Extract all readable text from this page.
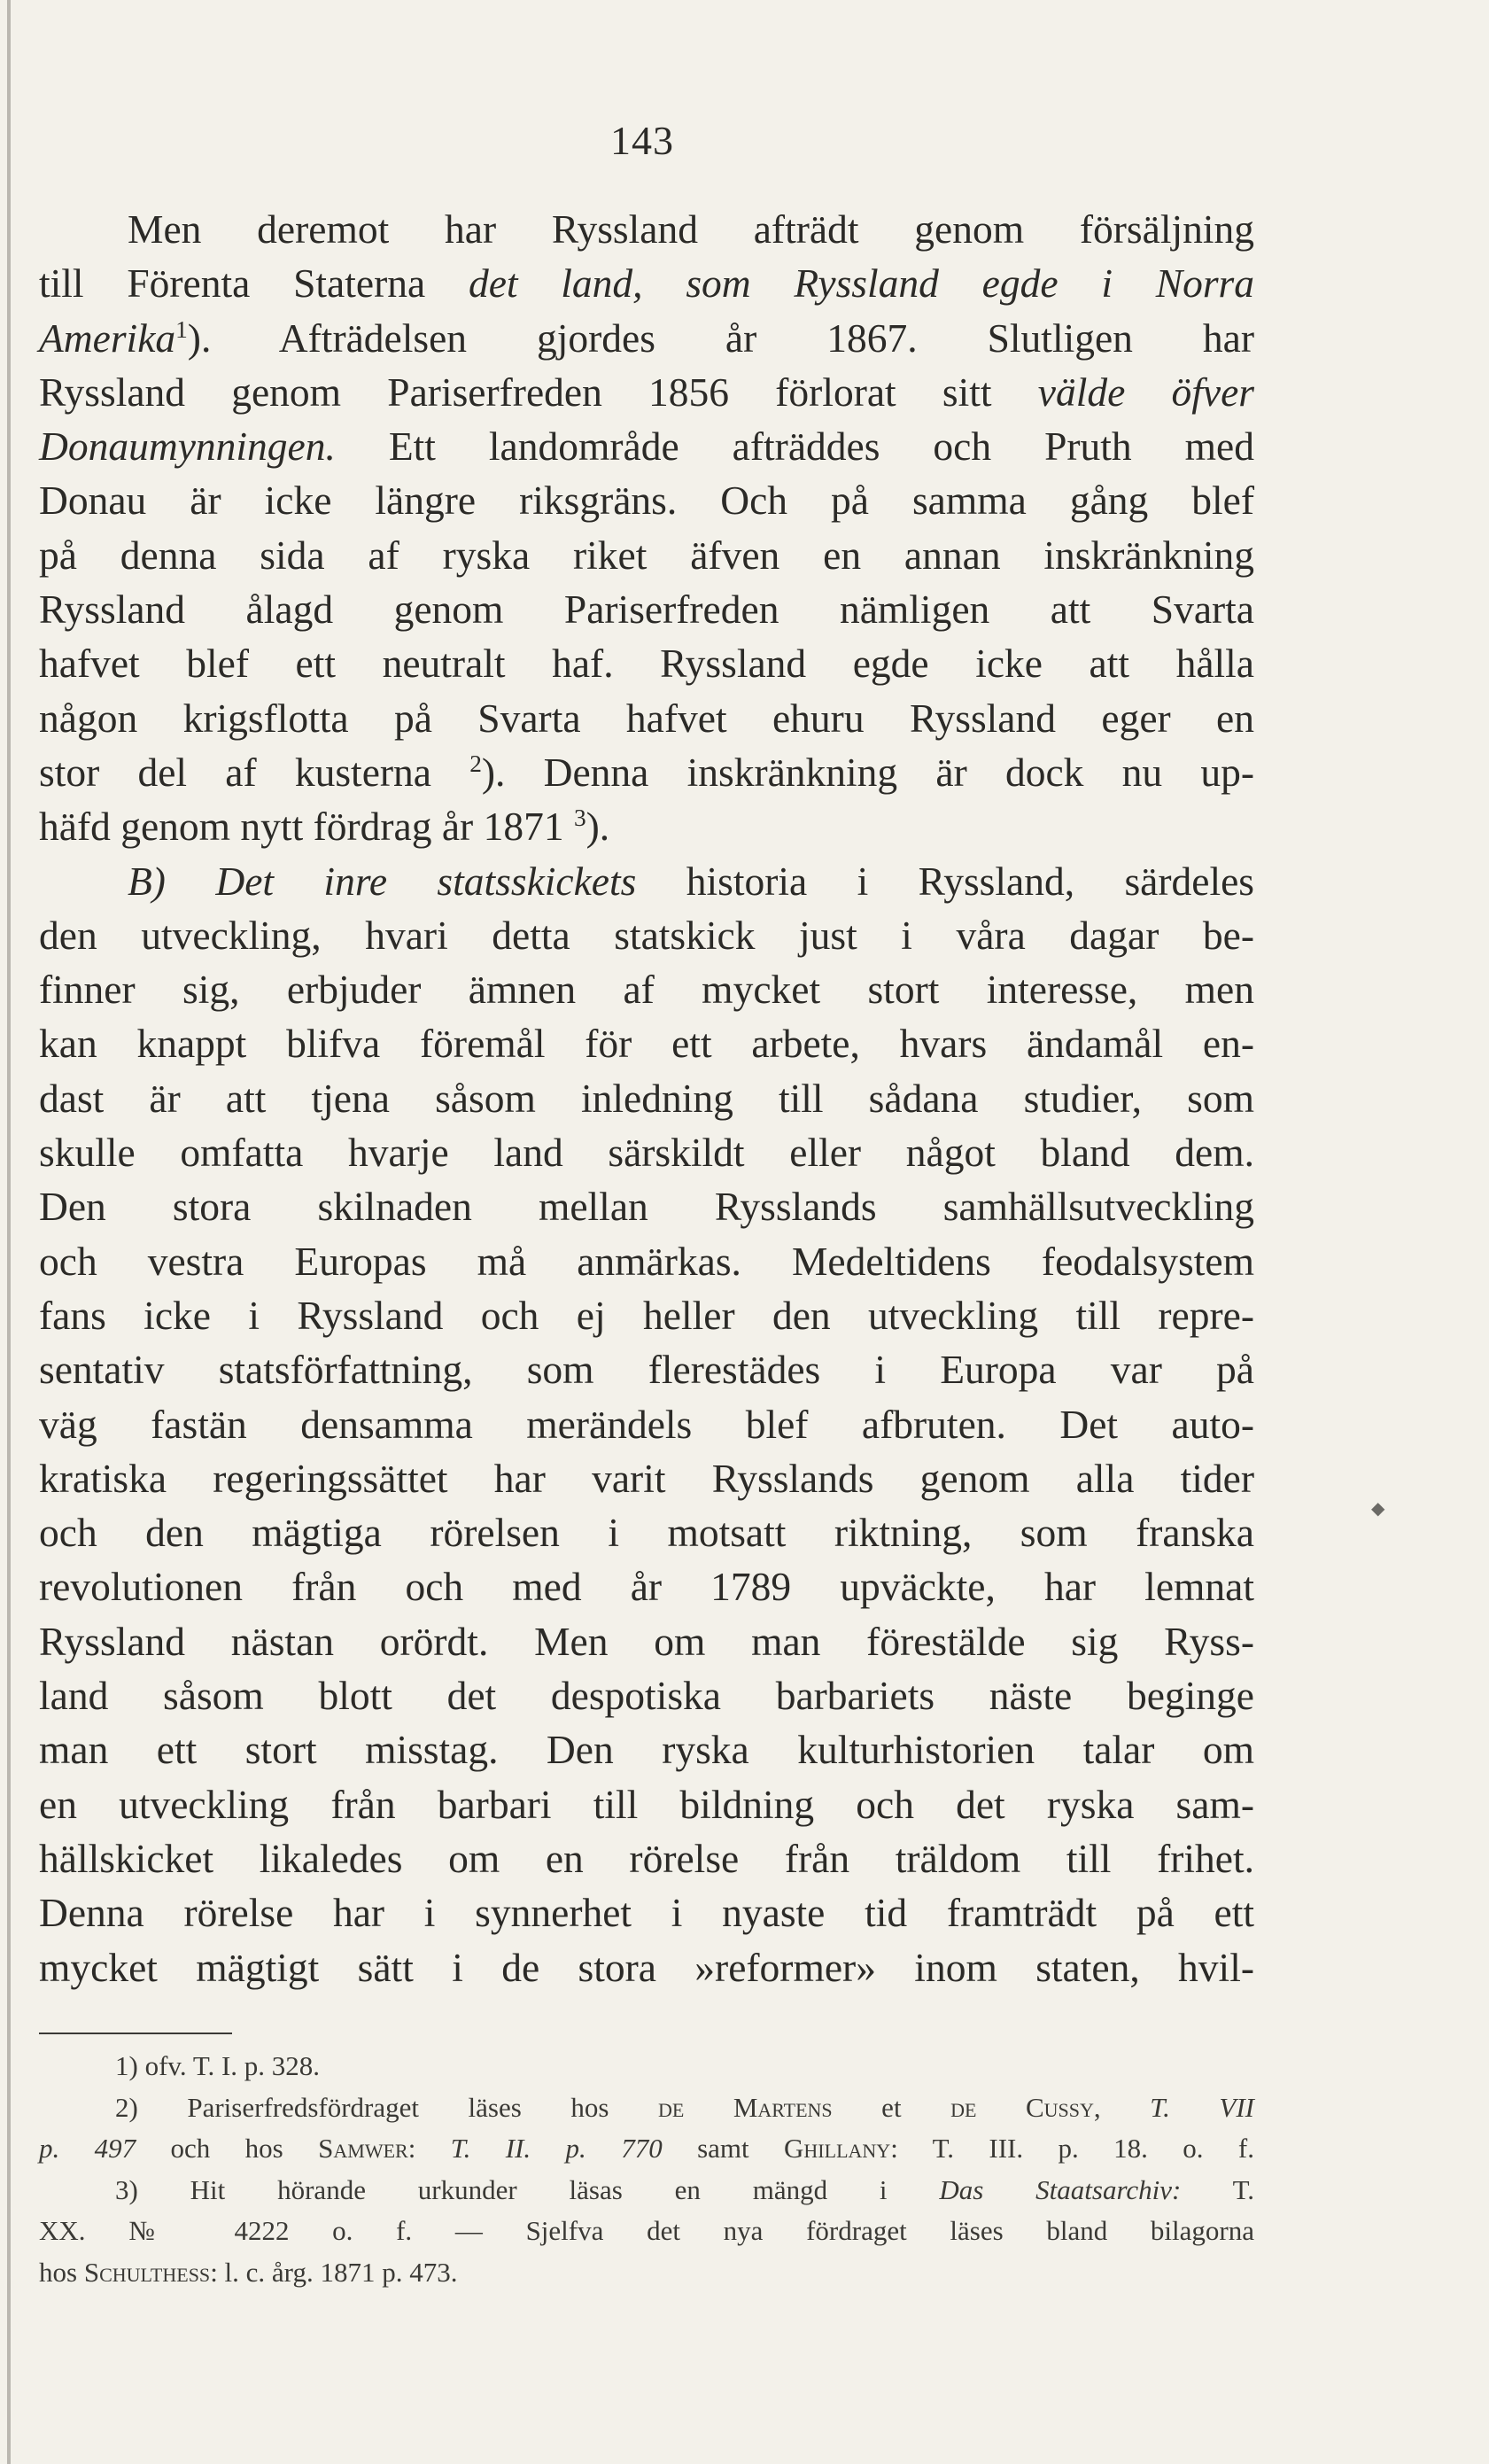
143
Men deremot har Ryssland afträdt genom försäljning
till Förenta Staterna det land, som Ryssland egde i Norra
Amerika$^1$). Afträdelsen gjordes år 1867. Slutligen har
Ryssland genom Pariserfreden 1856 förlorat sitt välde öfver
Donaumynningen. Ett landområde afträddes och Pruth med
Donau är icke längre riksgräns. Och på samma gång blef
på denna sida af ryska riket äfven en annan inskränkning
Ryssland ålagd genom Pariserfreden nämligen att Svarta
hafvet blef ett neutralt haf. Ryssland egde icke att hålla
någon krigsflotta på Svarta hafvet ehuru Ryssland eger en
stor del af kusterna $^2$). Denna inskränkning är dock nu up-
häfd genom nytt fördrag år 1871 $^3$).
B) Det inre statsskickets historia i Ryssland, särdeles
den utveckling, hvari detta statskick just i våra dagar be-
finner sig, erbjuder ämnen af mycket stort interesse, men
kan knappt blifva föremål för ett arbete, hvars ändamål en-
dast är att tjena såsom inledning till sådana studier, som
skulle omfatta hvarje land särskildt eller något bland dem.
Den stora skilnaden mellan Rysslands samhällsutveckling
och vestra Europas må anmärkas. Medeltidens feodalsystem
fans icke i Ryssland och ej heller den utveckling till repre-
sentativ statsförfattning, som flerestädes i Europa var på
väg fastän densamma merändels blef afbruten. Det auto-
kratiska regeringssättet har varit Rysslands genom alla tider
och den mägtiga rörelsen i motsatt riktning, som franska
revolutionen från och med år 1789 upväckte, har lemnat
Ryssland nästan orördt. Men om man förestälde sig Ryss-
land såsom blott det despotiska barbariets näste beginge
man ett stort misstag. Den ryska kulturhistorien talar om
en utveckling från barbari till bildning och det ryska sam-
hällskicket likaledes om en rörelse från träldom till frihet.
Denna rörelse har i synnerhet i nyaste tid framträdt på ett
mycket mägtigt sätt i de stora »reformer» inom staten, hvil-
1) ofv. T. I. p. 328.
2) Pariserfredsfördraget läses hos de Martens et de Cussy, T. VII
p. 497 och hos Samwer: T. II. p. 770 samt Ghillany: T. III. p. 18. o. f.
3) Hit hörande urkunder läsas en mängd i Das Staatsarchiv: T.
XX. № 4222 o. f. — Sjelfva det nya fördraget läses bland bilagorna
hos Schulthess: l. c. årg. 1871 p. 473.
◆
